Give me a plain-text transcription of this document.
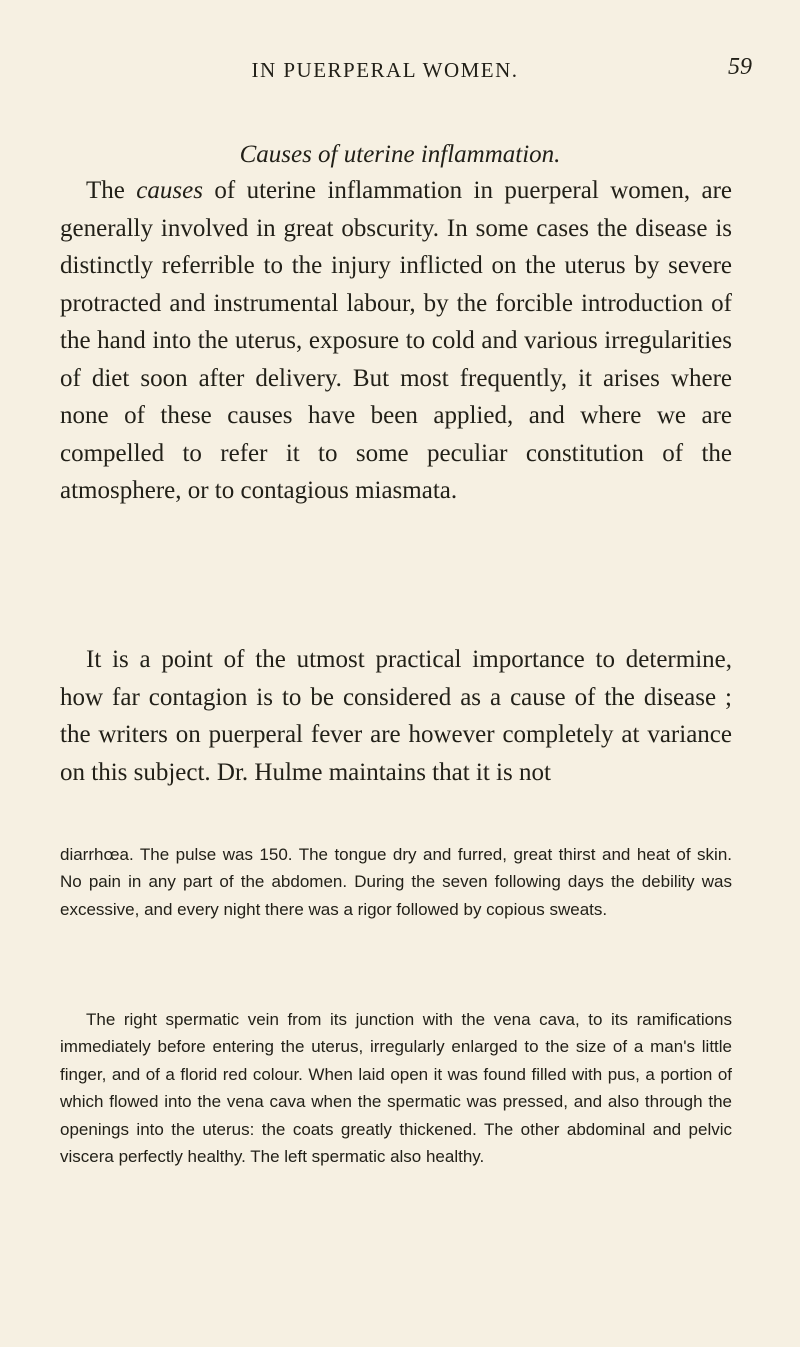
IN PUERPERAL WOMEN.	59
Causes of uterine inflammation.

The causes of uterine inflammation in puerperal women, are generally involved in great obscurity. In some cases the disease is distinctly referrible to the injury inflicted on the uterus by severe protracted and instrumental labour, by the forcible introduction of the hand into the uterus, exposure to cold and various irregularities of diet soon after delivery. But most frequently, it arises where none of these causes have been applied, and where we are compelled to refer it to some peculiar constitution of the atmosphere, or to contagious miasmata.

It is a point of the utmost practical importance to determine, how far contagion is to be considered as a cause of the disease ; the writers on puerperal fever are however completely at variance on this subject. Dr. Hulme maintains that it is not

diarrhœa. The pulse was 150. The tongue dry and furred, great thirst and heat of skin. No pain in any part of the abdomen. During the seven following days the debility was excessive, and every night there was a rigor followed by copious sweats.

The right spermatic vein from its junction with the vena cava, to its ramifications immediately before entering the uterus, irregularly enlarged to the size of a man's little finger, and of a florid red colour. When laid open it was found filled with pus, a portion of which flowed into the vena cava when the spermatic was pressed, and also through the openings into the uterus: the coats greatly thickened. The other abdominal and pelvic viscera perfectly healthy. The left spermatic also healthy.
